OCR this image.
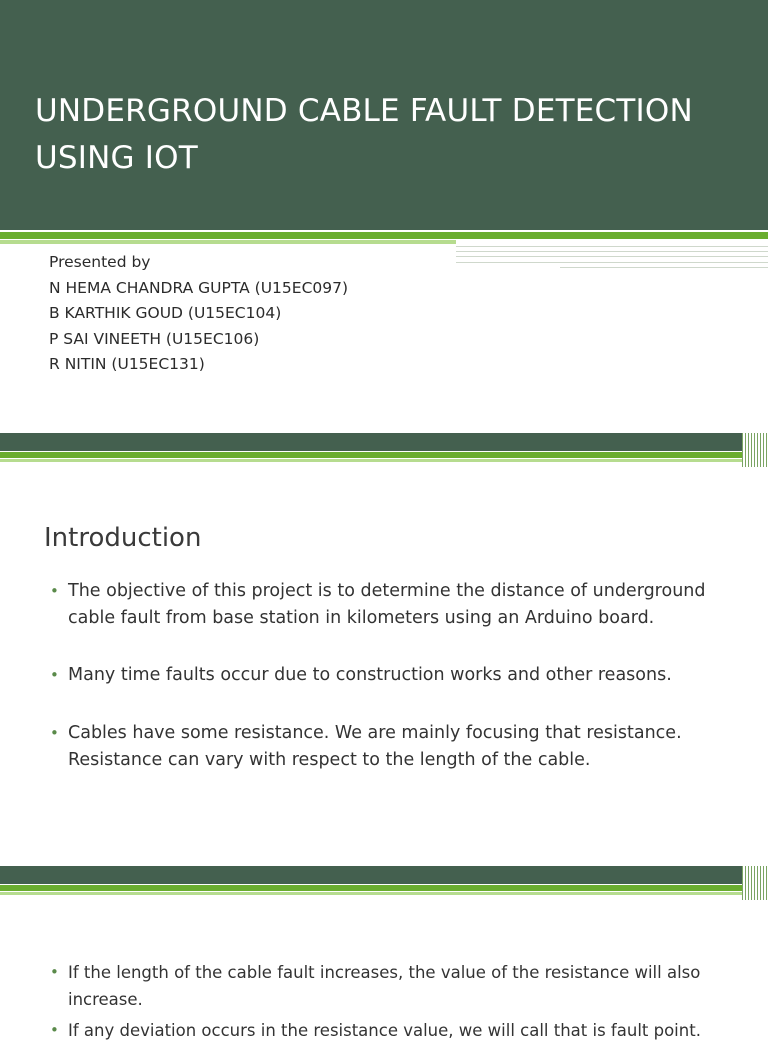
UNDERGROUND CABLE FAULT DETECTION USING IOT
Presented by
N HEMA CHANDRA GUPTA (U15EC097)
B KARTHIK GOUD (U15EC104)
P SAI VINEETH (U15EC106)
R NITIN (U15EC131)
Introduction
• The objective of this project is to determine the distance of underground cable fault from base station in kilometers using an Arduino board.
• Many time faults occur due to construction works and other reasons.
• Cables have some resistance. We are mainly focusing that resistance. Resistance can vary with respect to the length of the cable.
• If the length of the cable fault increases, the value of the resistance will also increase.
• If any deviation occurs in the resistance value, we will call that is fault point.
